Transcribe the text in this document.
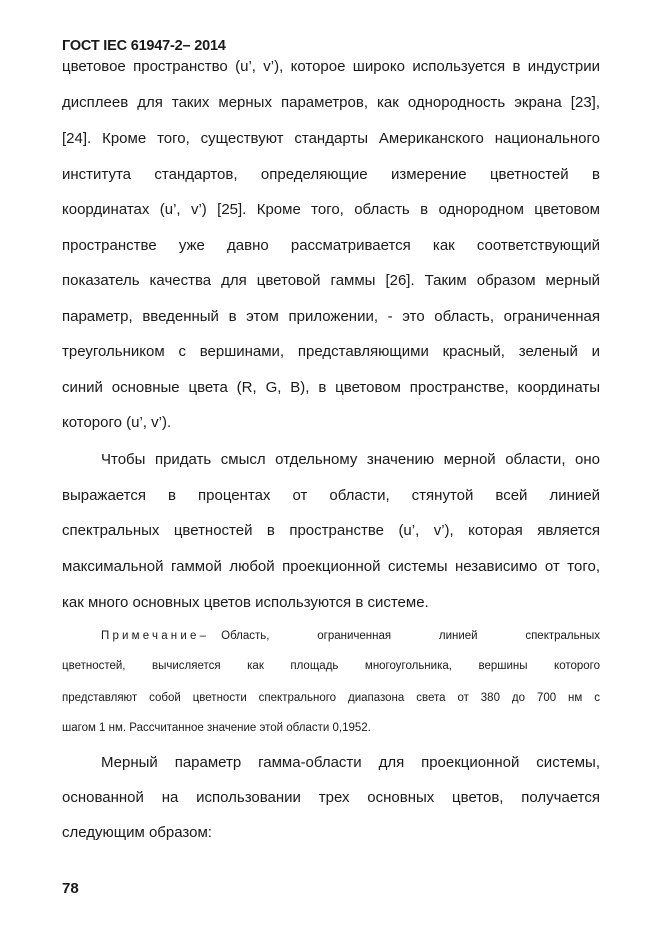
ГОСТ IEC 61947-2– 2014
цветовое пространство (u’, v’), которое широко используется в индустрии
дисплеев для таких мерных параметров, как однородность экрана [23],
[24]. Кроме того, существуют стандарты Американского национального
института стандартов, определяющие измерение цветностей в
координатах (u’, v’) [25]. Кроме того, область в однородном цветовом
пространстве уже давно рассматривается как соответствующий
показатель качества для цветовой гаммы [26]. Таким образом мерный
параметр, введенный в этом приложении, - это область, ограниченная
треугольником с вершинами, представляющими красный, зеленый и
синий основные цвета (R, G, B), в цветовом пространстве, координаты
которого (u’, v’).
Чтобы придать смысл отдельному значению мерной области, оно
выражается в процентах от области, стянутой всей линией
спектральных цветностей в пространстве (u’, v’), которая является
максимальной гаммой любой проекционной системы независимо от того,
как много основных цветов используются в системе.
Примечание–	Область, ограниченная линией спектральных
цветностей, вычисляется как площадь многоугольника, вершины которого
представляют собой цветности спектрального диапазона света от 380 до 700 нм с
шагом 1 нм. Рассчитанное значение этой области 0,1952.
Мерный параметр гамма-области для проекционной системы,
основанной на использовании трех основных цветов, получается
следующим образом:
78
